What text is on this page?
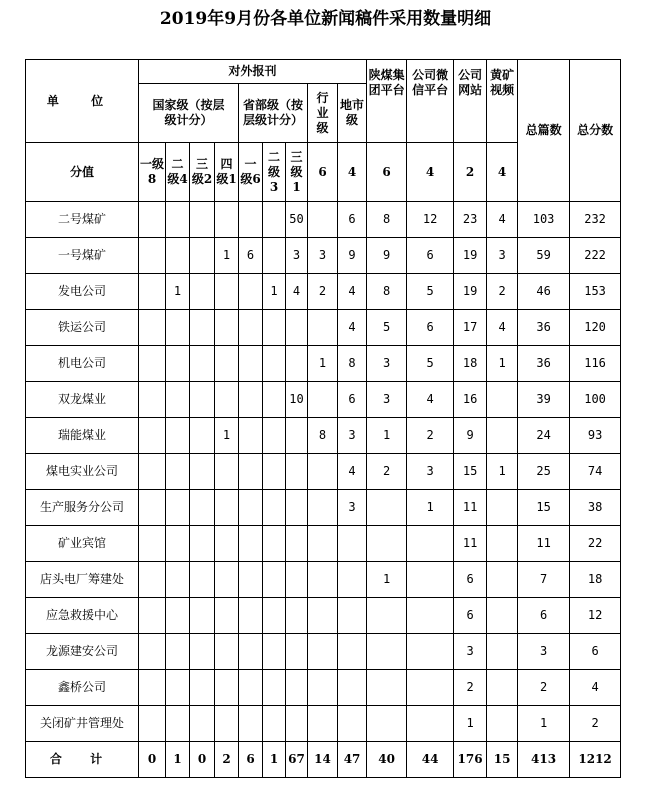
2019年9月份各单位新闻稿件采用数量明细
单 位	对外报刊									陕煤集团平台	公司微信平台	公司网站	黄矿视频	总篇数	总分数
	国家级（按层级计分）				省部级（按层级计分）			行业级	地市级						
分值	一级8	二级4	三级2	四级1	一级6	二级3	三级1	6	4	6	4	2	4		
二号煤矿							50		6	8	12	23	4	103	232
一号煤矿				1	6		3	3	9	9	6	19	3	59	222
发电公司		1				1	4	2	4	8	5	19	2	46	153
铁运公司									4	5	6	17	4	36	120
机电公司								1	8	3	5	18	1	36	116
双龙煤业							10		6	3	4	16		39	100
瑞能煤业				1				8	3	1	2	9		24	93
煤电实业公司									4	2	3	15	1	25	74
生产服务分公司									3		1	11		15	38
矿业宾馆												11		11	22
店头电厂筹建处										1		6		7	18
应急救援中心												6		6	12
龙源建安公司												3		3	6
鑫桥公司												2		2	4
关闭矿井管理处												1		1	2
合 计	0	1	0	2	6	1	67	14	47	40	44	176	15	413	1212
